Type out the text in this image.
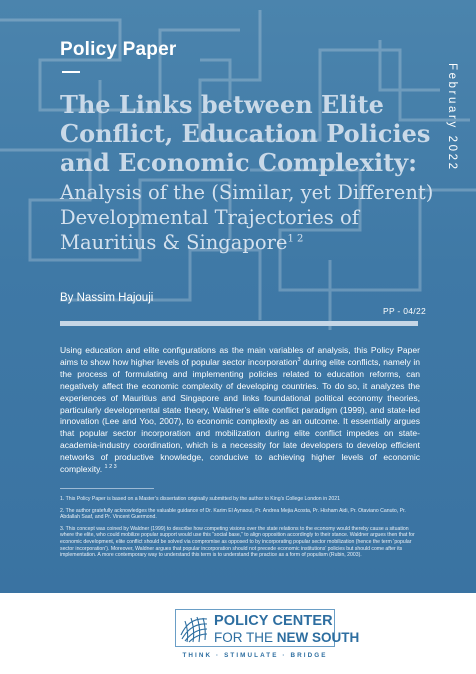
Policy Paper
February 2022
The Links between Elite Conflict, Education Policies and Economic Complexity:
Analysis of the (Similar, yet Different) Developmental Trajectories of Mauritius & Singapore$^{1 2}$
By Nassim Hajouji
PP - 04/22

Using education and elite configurations as the main variables of analysis, this Policy Paper aims to show how higher levels of popular sector incorporation$^3$ during elite conflicts, namely in the process of formulating and implementing policies related to education reforms, can negatively affect the economic complexity of developing countries. To do so, it analyzes the experiences of Mauritius and Singapore and links foundational political economy theories, particularly developmental state theory, Waldner’s elite conflict paradigm (1999), and state-led innovation (Lee and Yoo, 2007), to economic complexity as an outcome. It essentially argues that popular sector incorporation and mobilization during elite conflict impedes on state-academia-industry coordination, which is a necessity for late developers to develop efficient networks of productive knowledge, conducive to achieving higher levels of economic complexity. $^{1 2 3}$

1. This Policy Paper is based on a Master’s dissertation originally submitted by the author to King’s College London in 2021

2. The author gratefully acknowledges the valuable guidance of Dr. Karim El Aynaoui, Pr. Andrea Mejia Acosta, Pr. Hisham Aidi, Pr. Otaviano Canuto, Pr. Abdallah Saaf, and Pr. Vincent Guermond.

3. This concept was coined by Waldner (1999) to describe how competing visions over the state relations to the economy would thereby cause a situation where the elite, who could mobilize popular support would use this “social base,” to align opposition accordingly to their stance. Waldner argues then that for economic development, elite conflict should be solved via compromise as opposed to by incorporating popular sector mobilization (hence the term ‘popular sector incorporation’). Moreover, Waldner argues that popular incorporation should not precede economic institutions’ policies but should come after its implementation. A more contemporary way to understand this term is to understand the practice as a form of populism (Rubin, 2003).

POLICY CENTER
FOR THE NEW SOUTH
THINK · STIMULATE · BRIDGE
